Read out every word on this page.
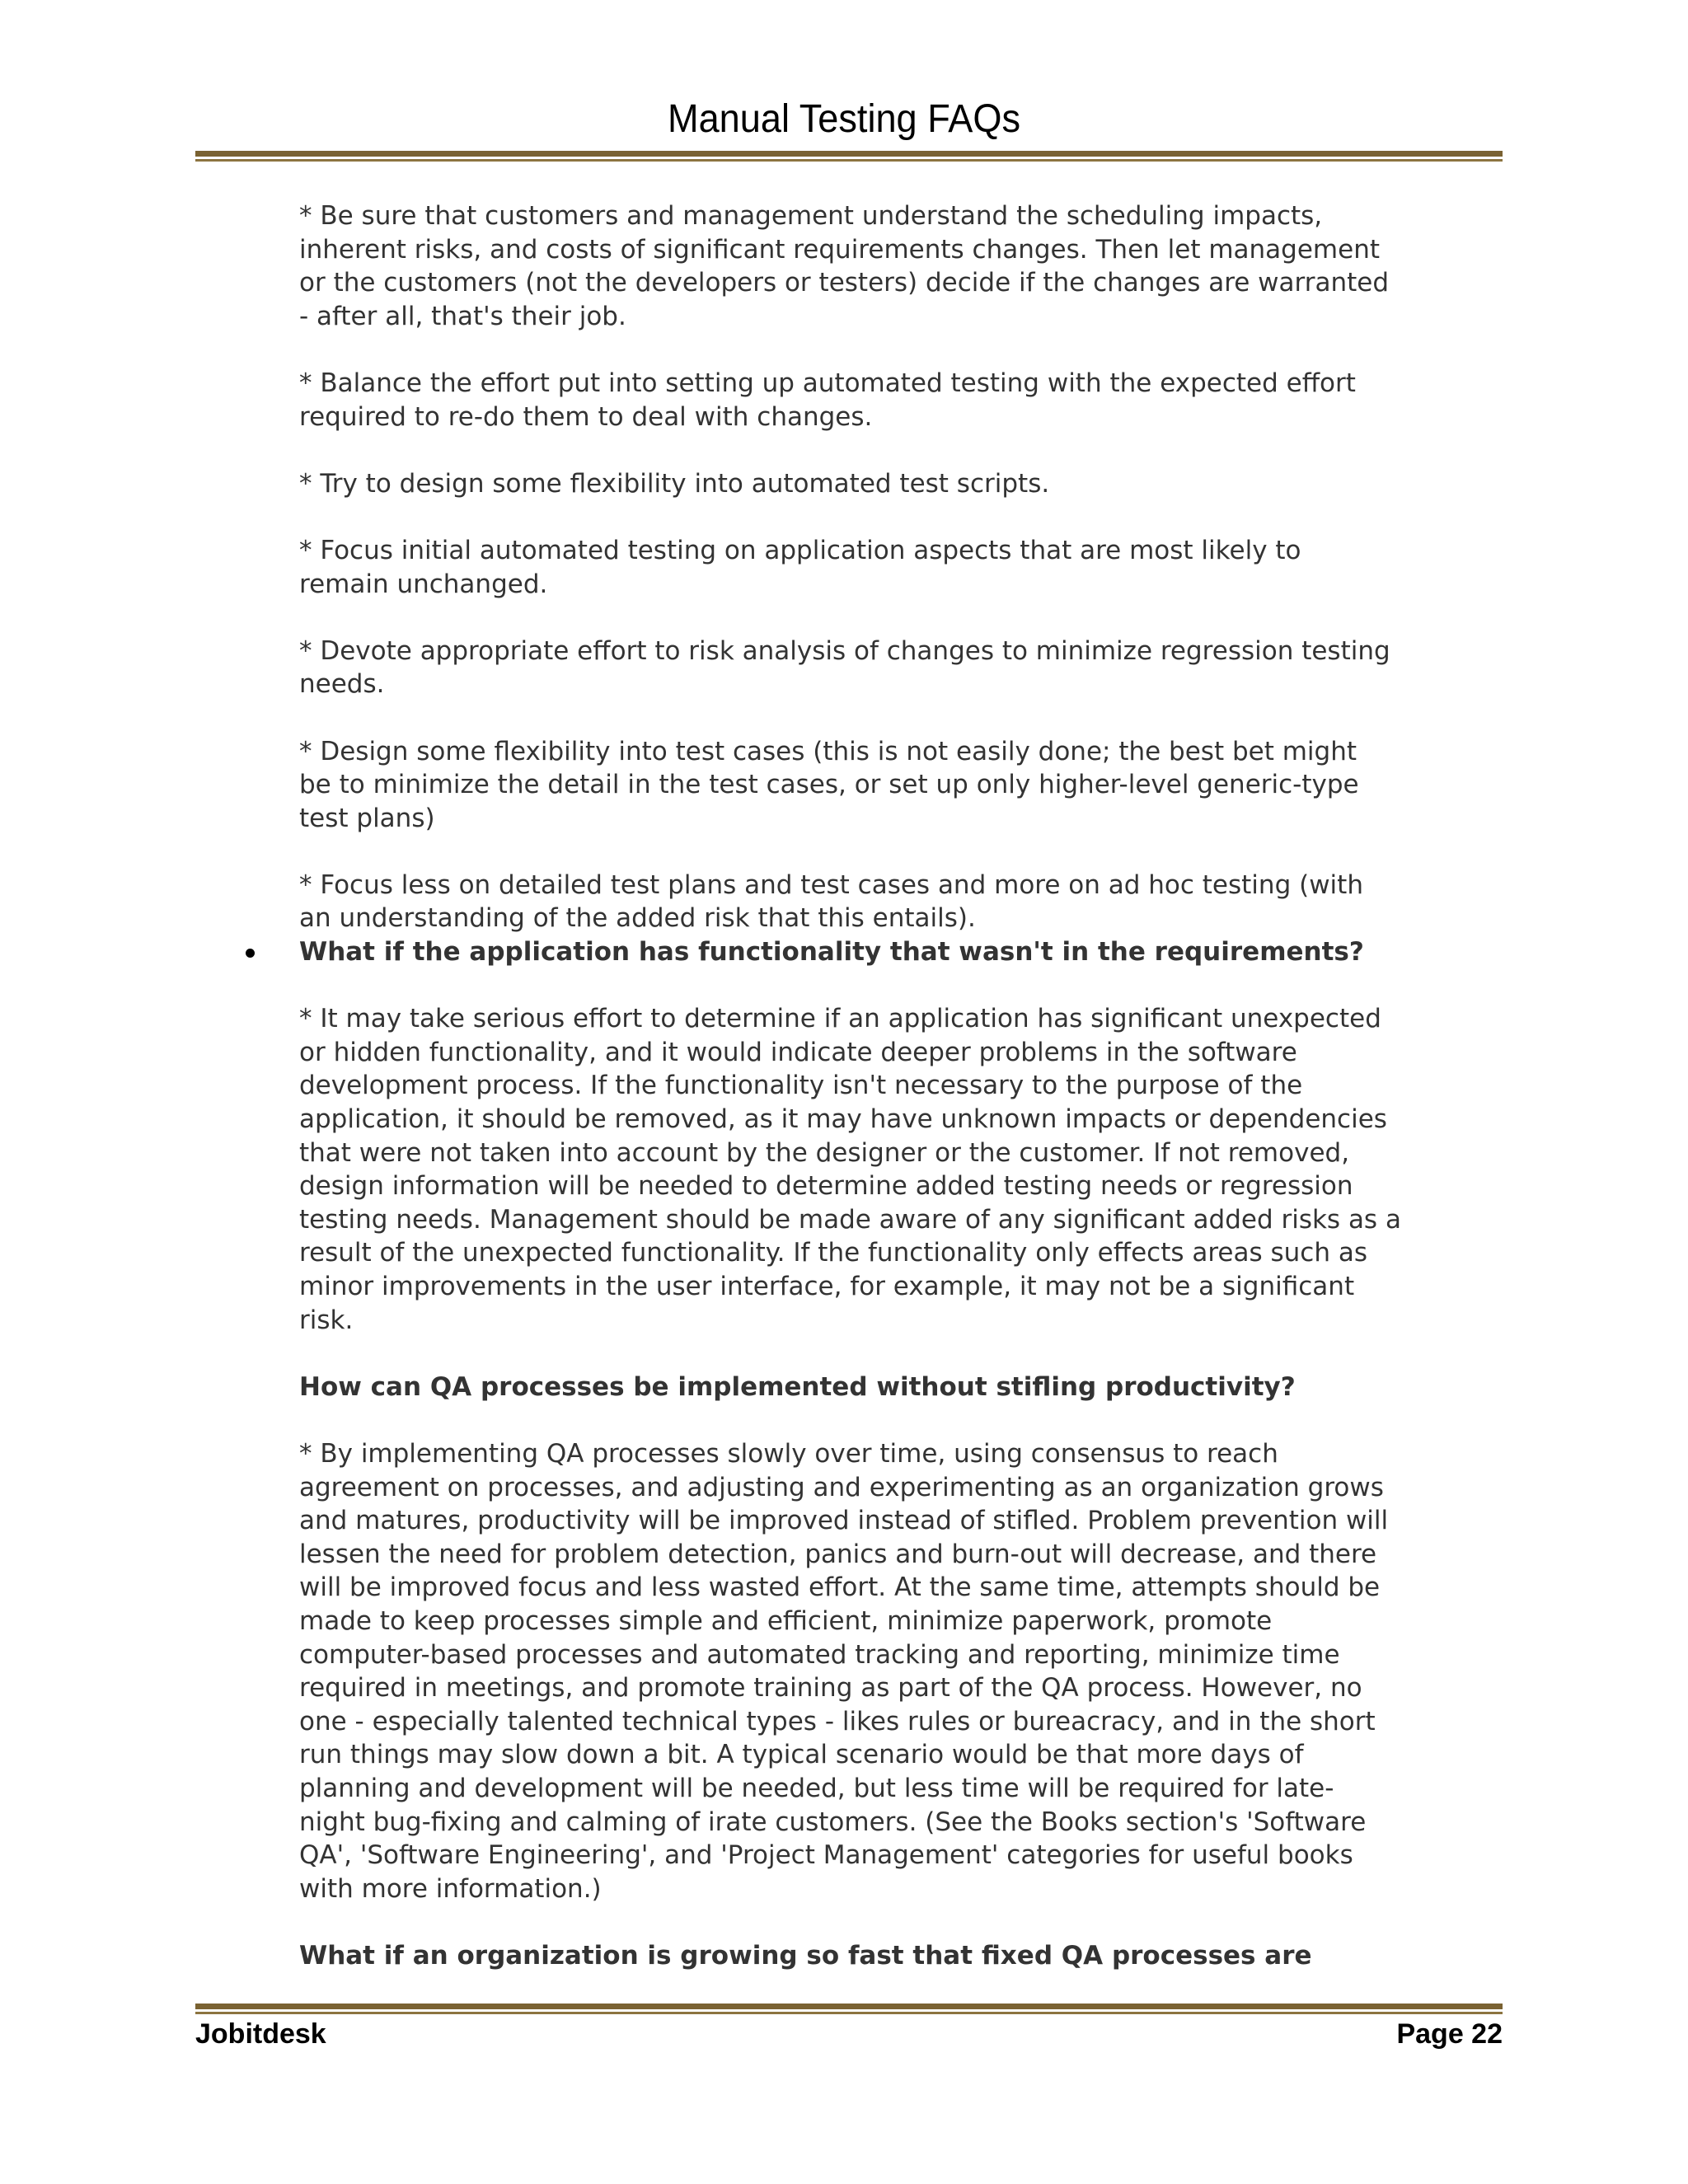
Manual Testing FAQs
* Be sure that customers and management understand the scheduling impacts,
inherent risks, and costs of significant requirements changes. Then let management
or the customers (not the developers or testers) decide if the changes are warranted
- after all, that's their job.
* Balance the effort put into setting up automated testing with the expected effort
required to re-do them to deal with changes.
* Try to design some flexibility into automated test scripts.
* Focus initial automated testing on application aspects that are most likely to
remain unchanged.
* Devote appropriate effort to risk analysis of changes to minimize regression testing
needs.
* Design some flexibility into test cases (this is not easily done; the best bet might
be to minimize the detail in the test cases, or set up only higher-level generic-type
test plans)
* Focus less on detailed test plans and test cases and more on ad hoc testing (with
an understanding of the added risk that this entails).
What if the application has functionality that wasn't in the requirements?
* It may take serious effort to determine if an application has significant unexpected
or hidden functionality, and it would indicate deeper problems in the software
development process. If the functionality isn't necessary to the purpose of the
application, it should be removed, as it may have unknown impacts or dependencies
that were not taken into account by the designer or the customer. If not removed,
design information will be needed to determine added testing needs or regression
testing needs. Management should be made aware of any significant added risks as a
result of the unexpected functionality. If the functionality only effects areas such as
minor improvements in the user interface, for example, it may not be a significant
risk.
How can QA processes be implemented without stifling productivity?
* By implementing QA processes slowly over time, using consensus to reach
agreement on processes, and adjusting and experimenting as an organization grows
and matures, productivity will be improved instead of stifled. Problem prevention will
lessen the need for problem detection, panics and burn-out will decrease, and there
will be improved focus and less wasted effort. At the same time, attempts should be
made to keep processes simple and efficient, minimize paperwork, promote
computer-based processes and automated tracking and reporting, minimize time
required in meetings, and promote training as part of the QA process. However, no
one - especially talented technical types - likes rules or bureacracy, and in the short
run things may slow down a bit. A typical scenario would be that more days of
planning and development will be needed, but less time will be required for late-
night bug-fixing and calming of irate customers. (See the Books section's 'Software
QA', 'Software Engineering', and 'Project Management' categories for useful books
with more information.)
What if an organization is growing so fast that fixed QA processes are
Jobitdesk	Page 22
